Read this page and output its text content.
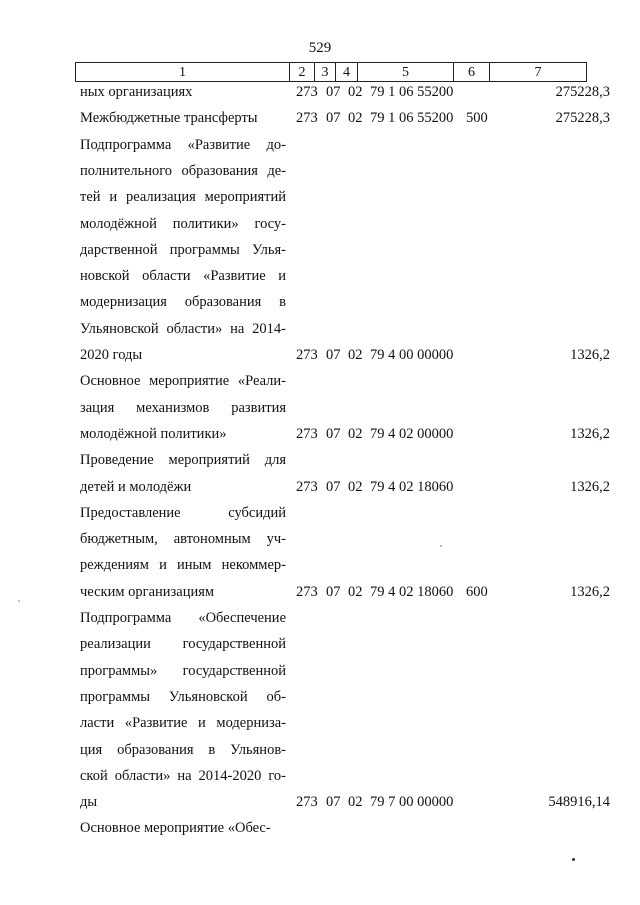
529
1	2	3	4	5	6	7
ных организациях	273 07 02 79 1 06 55200	275228,3
Межбюджетные трансферты	273 07 02 79 1 06 55200 500	275228,3
Подпрограмма «Развитие до-
полнительного образования де-
тей и реализация мероприятий
молодёжной политики» госу-
дарственной программы Улья-
новской области «Развитие и
модернизация образования в
Ульяновской области» на 2014-
2020 годы	273 07 02 79 4 00 00000	1326,2
Основное мероприятие «Реали-
зация механизмов развития
молодёжной политики»	273 07 02 79 4 02 00000	1326,2
Проведение мероприятий для
детей и молодёжи	273 07 02 79 4 02 18060	1326,2
Предоставление субсидий
бюджетным, автономным уч-
реждениям и иным некоммер-
ческим организациям	273 07 02 79 4 02 18060 600	1326,2
Подпрограмма «Обеспечение
реализации государственной
программы» государственной
программы Ульяновской об-
ласти «Развитие и модерниза-
ция образования в Ульянов-
ской области» на 2014-2020 го-
ды	273 07 02 79 7 00 00000	548916,14
Основное мероприятие «Обес-
